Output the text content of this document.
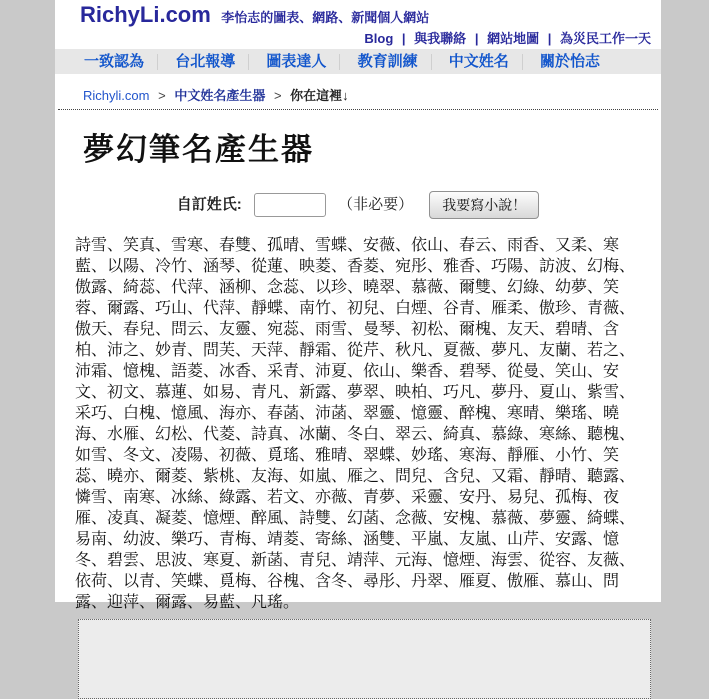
RichyLi.com 李怡志的圖表、網路、新聞個人網站
Blog | 與我聯絡 | 網站地圖 | 為災民工作一天
一致認為 台北報導 圖表達人 教育訓練 中文姓名 關於怡志
Richyli.com > 中文姓名產生器 > 你在這裡↓
夢幻筆名產生器
自訂姓氏:	（非必要） 我要寫小說！
詩雪、笑真、雪寒、春雙、孤晴、雪蝶、安薇、依山、春云、雨香、又柔、寒藍、以陽、冷竹、涵琴、從蓮、映菱、香菱、宛彤、雅香、巧陽、訪波、幻梅、傲露、綺蕊、代萍、涵柳、念蕊、以珍、曉翠、慕薇、爾雙、幻綠、幼夢、笑蓉、爾露、巧山、代萍、靜蝶、南竹、初兒、白煙、谷青、雁柔、傲珍、青薇、傲天、春兒、問云、友靈、宛蕊、雨雪、曼琴、初松、爾槐、友天、碧晴、含柏、沛之、妙青、問芙、天萍、靜霜、從芹、秋凡、夏薇、夢凡、友蘭、若之、沛霜、憶槐、語菱、冰香、采青、沛夏、依山、樂香、碧琴、從曼、笑山、安文、初文、慕蓮、如易、青凡、新露、夢翠、映柏、巧凡、夢丹、夏山、紫雪、采巧、白槐、憶風、海亦、春菡、沛菡、翠靈、憶靈、醉槐、寒晴、樂瑤、曉海、水雁、幻松、代菱、詩真、冰蘭、冬白、翠云、綺真、慕綠、寒絲、聽槐、如雪、冬文、凌陽、初薇、覓瑤、雅晴、翠蝶、妙瑤、寒海、靜雁、小竹、笑蕊、曉亦、爾菱、紫桃、友海、如嵐、雁之、問兒、含兒、又霜、靜晴、聽露、憐雪、南寒、冰絲、綠露、若文、亦薇、青夢、采靈、安丹、易兒、孤梅、夜雁、凌真、凝菱、憶煙、醉風、詩雙、幻菡、念薇、安槐、慕薇、夢靈、綺蝶、易南、幼波、樂巧、青梅、靖菱、寄絲、涵雙、平嵐、友嵐、山芹、安露、憶冬、碧雲、思波、寒夏、新菡、青兒、靖萍、元海、憶煙、海雲、從容、友薇、依荷、以青、笑蝶、覓梅、谷槐、含冬、尋彤、丹翠、雁夏、傲雁、慕山、問露、迎萍、爾露、易藍、凡瑤。
